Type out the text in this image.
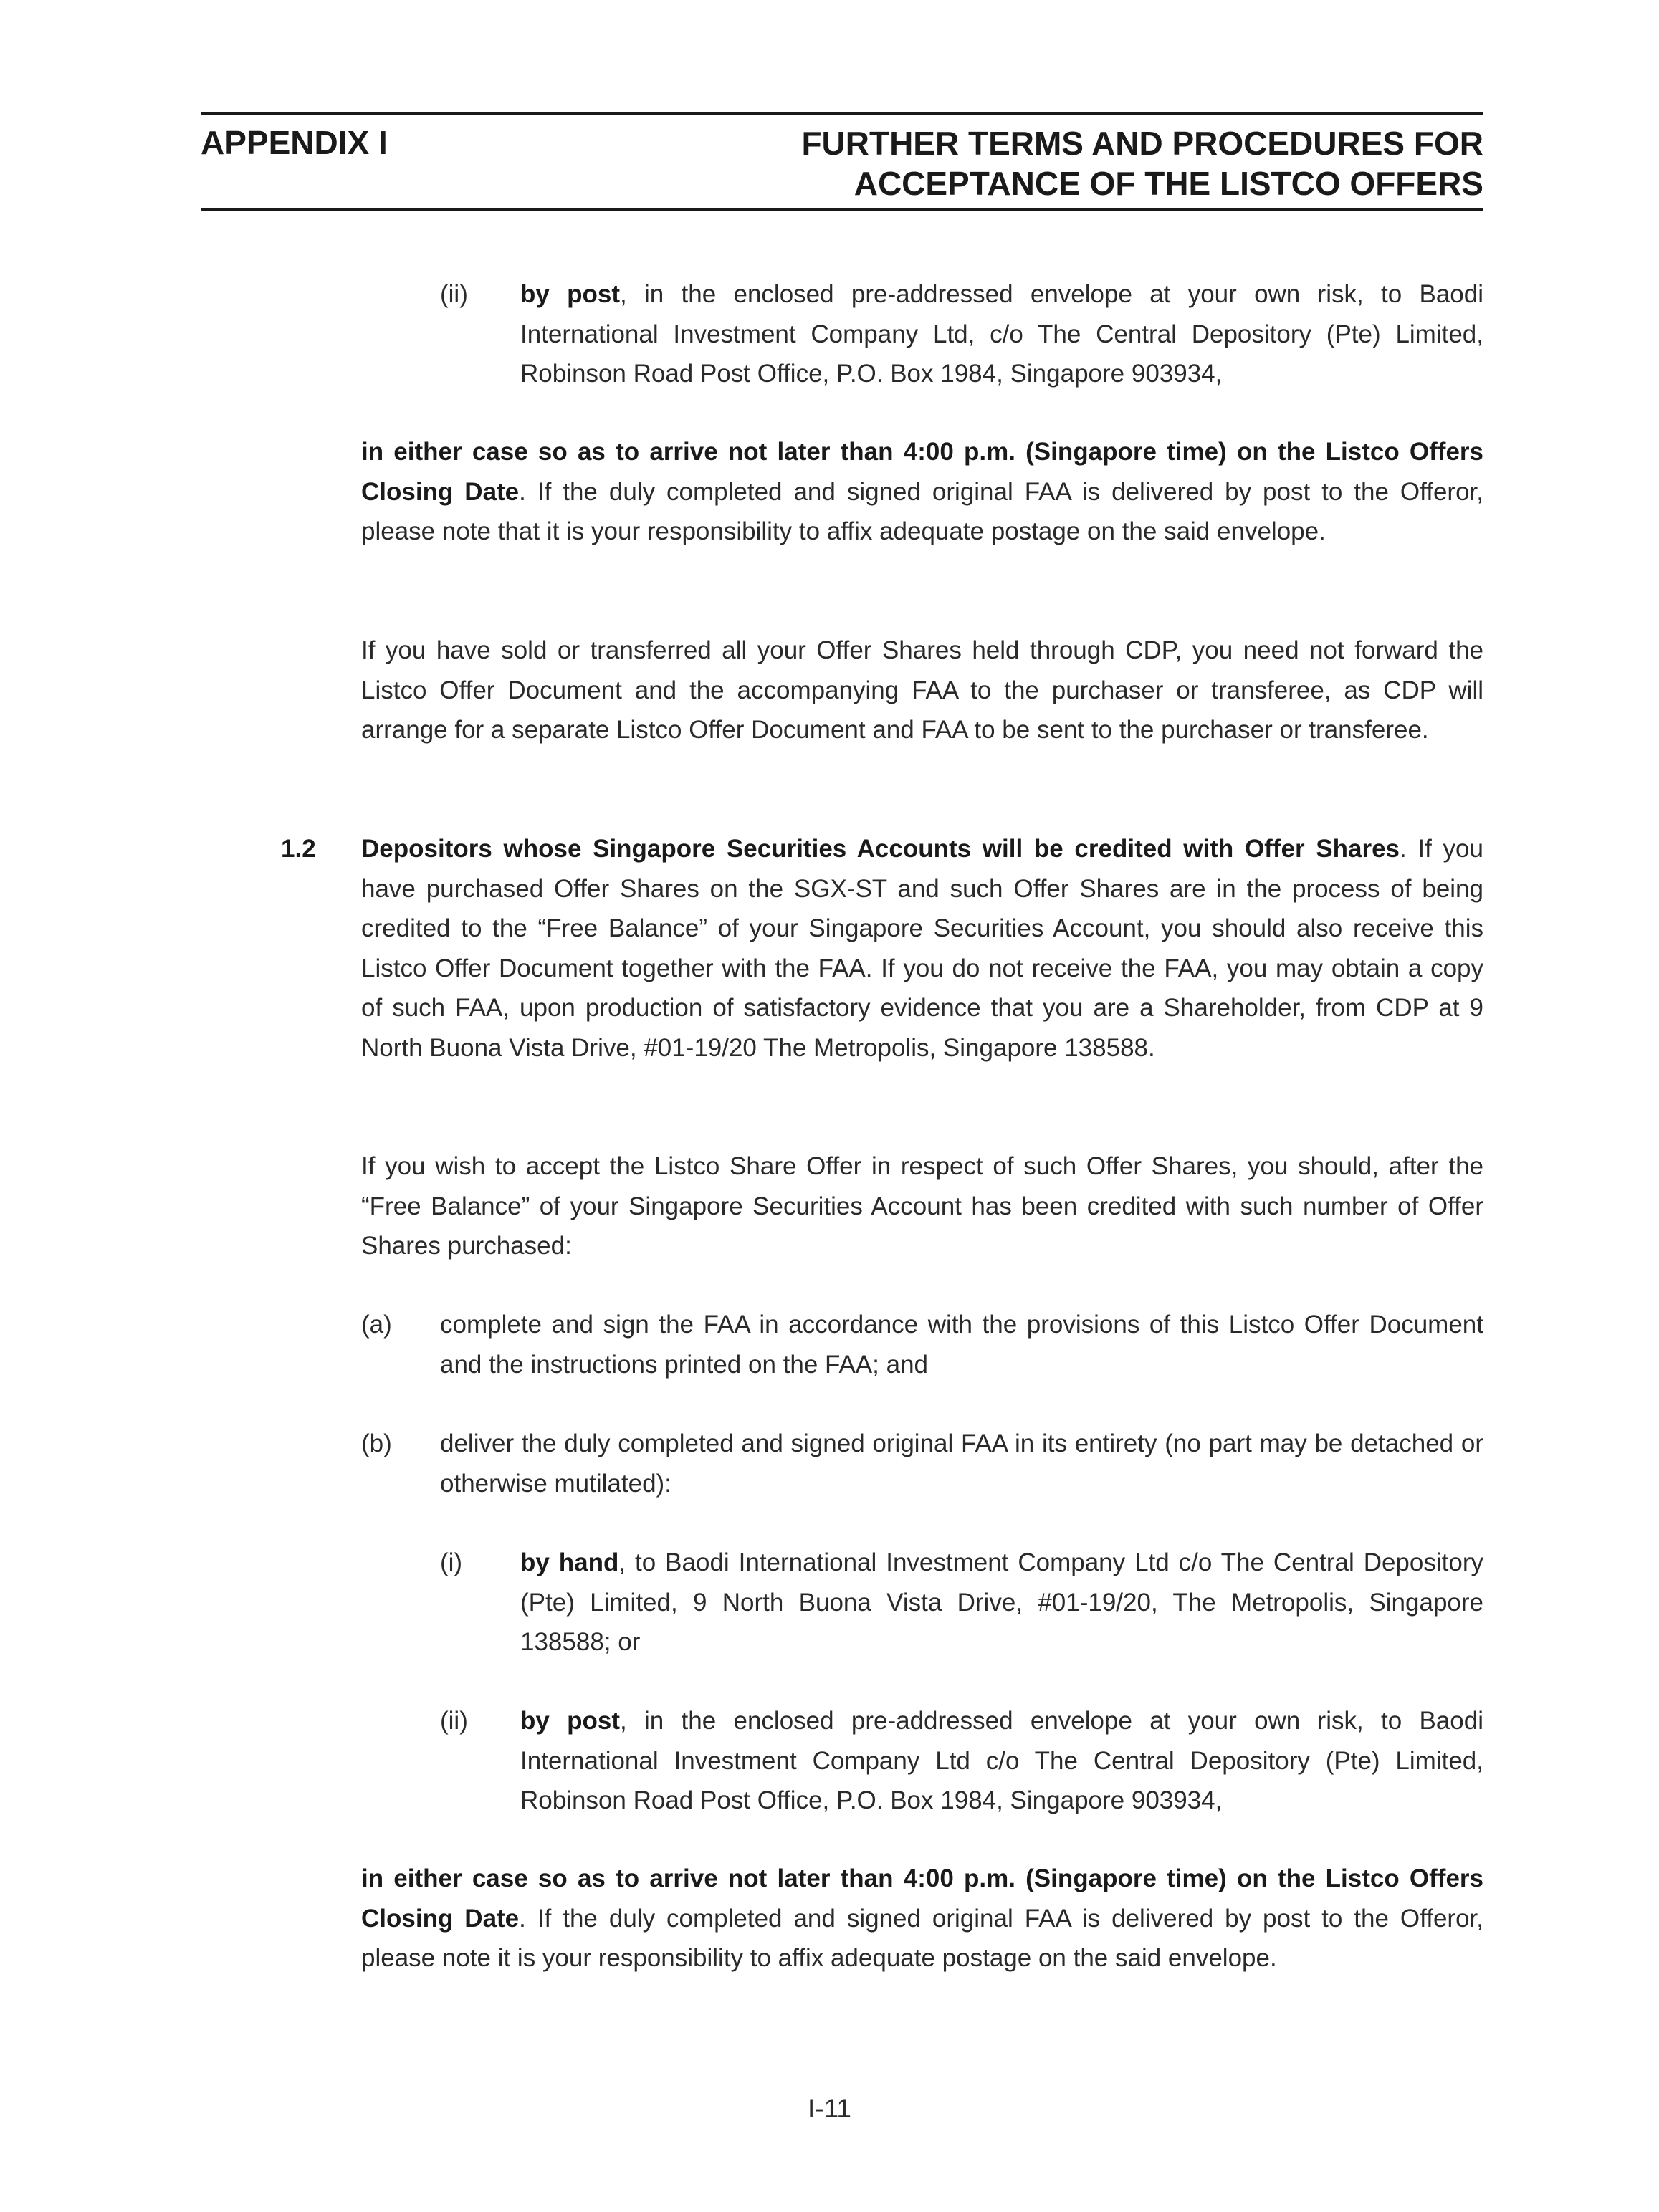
APPENDIX I	FURTHER TERMS AND PROCEDURES FOR
ACCEPTANCE OF THE LISTCO OFFERS
(ii) by post, in the enclosed pre-addressed envelope at your own risk, to Baodi International Investment Company Ltd, c/o The Central Depository (Pte) Limited, Robinson Road Post Office, P.O. Box 1984, Singapore 903934,
in either case so as to arrive not later than 4:00 p.m. (Singapore time) on the Listco Offers Closing Date. If the duly completed and signed original FAA is delivered by post to the Offeror, please note that it is your responsibility to affix adequate postage on the said envelope.
If you have sold or transferred all your Offer Shares held through CDP, you need not forward the Listco Offer Document and the accompanying FAA to the purchaser or transferee, as CDP will arrange for a separate Listco Offer Document and FAA to be sent to the purchaser or transferee.
1.2 Depositors whose Singapore Securities Accounts will be credited with Offer Shares. If you have purchased Offer Shares on the SGX-ST and such Offer Shares are in the process of being credited to the “Free Balance” of your Singapore Securities Account, you should also receive this Listco Offer Document together with the FAA. If you do not receive the FAA, you may obtain a copy of such FAA, upon production of satisfactory evidence that you are a Shareholder, from CDP at 9 North Buona Vista Drive, #01-19/20 The Metropolis, Singapore 138588.
If you wish to accept the Listco Share Offer in respect of such Offer Shares, you should, after the “Free Balance” of your Singapore Securities Account has been credited with such number of Offer Shares purchased:
(a) complete and sign the FAA in accordance with the provisions of this Listco Offer Document and the instructions printed on the FAA; and
(b) deliver the duly completed and signed original FAA in its entirety (no part may be detached or otherwise mutilated):
(i) by hand, to Baodi International Investment Company Ltd c/o The Central Depository (Pte) Limited, 9 North Buona Vista Drive, #01-19/20, The Metropolis, Singapore 138588; or
(ii) by post, in the enclosed pre-addressed envelope at your own risk, to Baodi International Investment Company Ltd c/o The Central Depository (Pte) Limited, Robinson Road Post Office, P.O. Box 1984, Singapore 903934,
in either case so as to arrive not later than 4:00 p.m. (Singapore time) on the Listco Offers Closing Date. If the duly completed and signed original FAA is delivered by post to the Offeror, please note it is your responsibility to affix adequate postage on the said envelope.
I-11
